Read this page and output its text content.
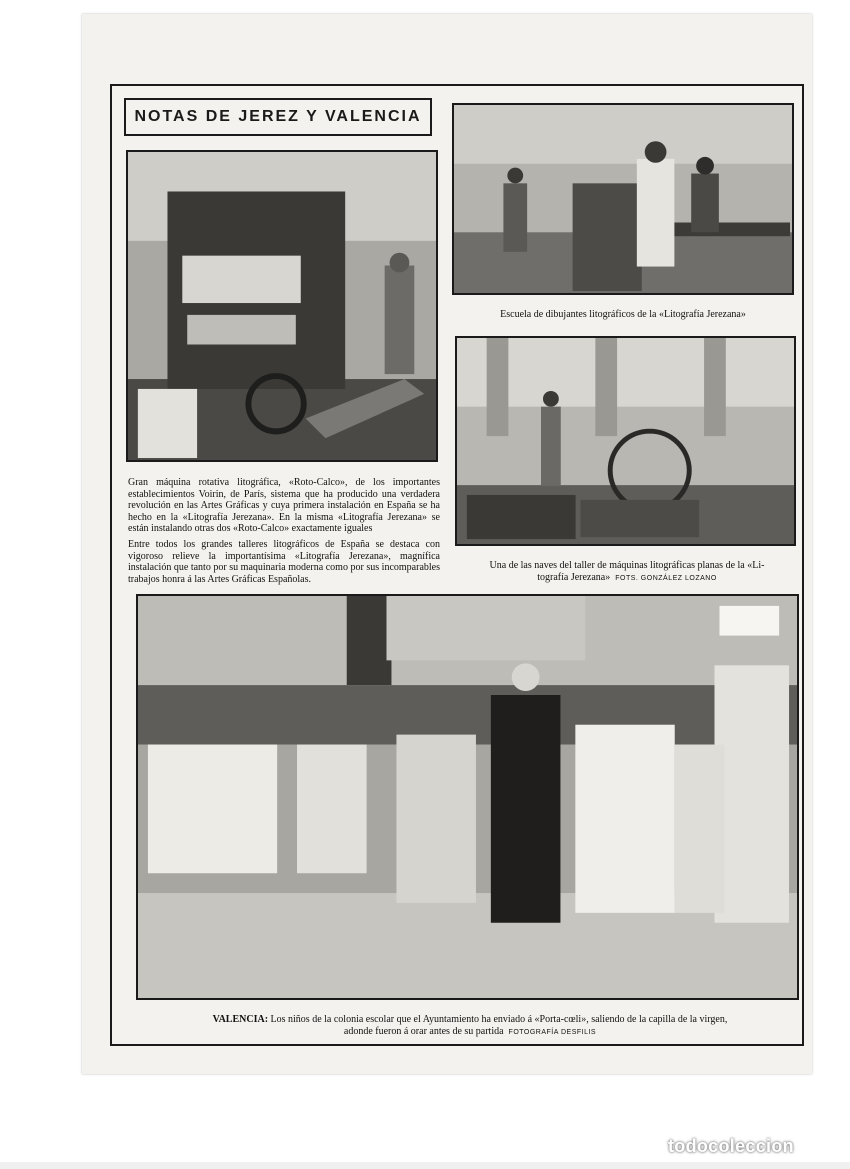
NOTAS DE JEREZ Y VALENCIA
Escuela de dibujantes litográficos de la «Litografía Jerezana»
Una de las naves del taller de máquinas litográficas planas de la «Li-
tografía Jerezana» FOTS. GONZÁLEZ LOZANO
Gran máquina rotativa litográfica, «Roto-Calco», de los importantes establecimientos Voirin, de París, sistema que ha producido una verdadera revolución en las Artes Gráficas y cuya primera instalación en España se ha hecho en la «Litografía Jerezana». En la misma «Litografía Jerezana» se están instalando otras dos «Roto-Calco» exactamente iguales
Entre todos los grandes talleres litográficos de España se destaca con vigoroso relieve la importantísima «Litografía Jerezana», magnífica instalación que tanto por su maquinaria moderna como por sus incomparables trabajos honra á las Artes Gráficas Españolas.
VALENCIA: Los niños de la colonia escolar que el Ayuntamiento ha enviado á «Porta-cœli», saliendo de la capilla de la virgen,
adonde fueron á orar antes de su partida FOTOGRAFÍA DESFILIS
todocoleccion
